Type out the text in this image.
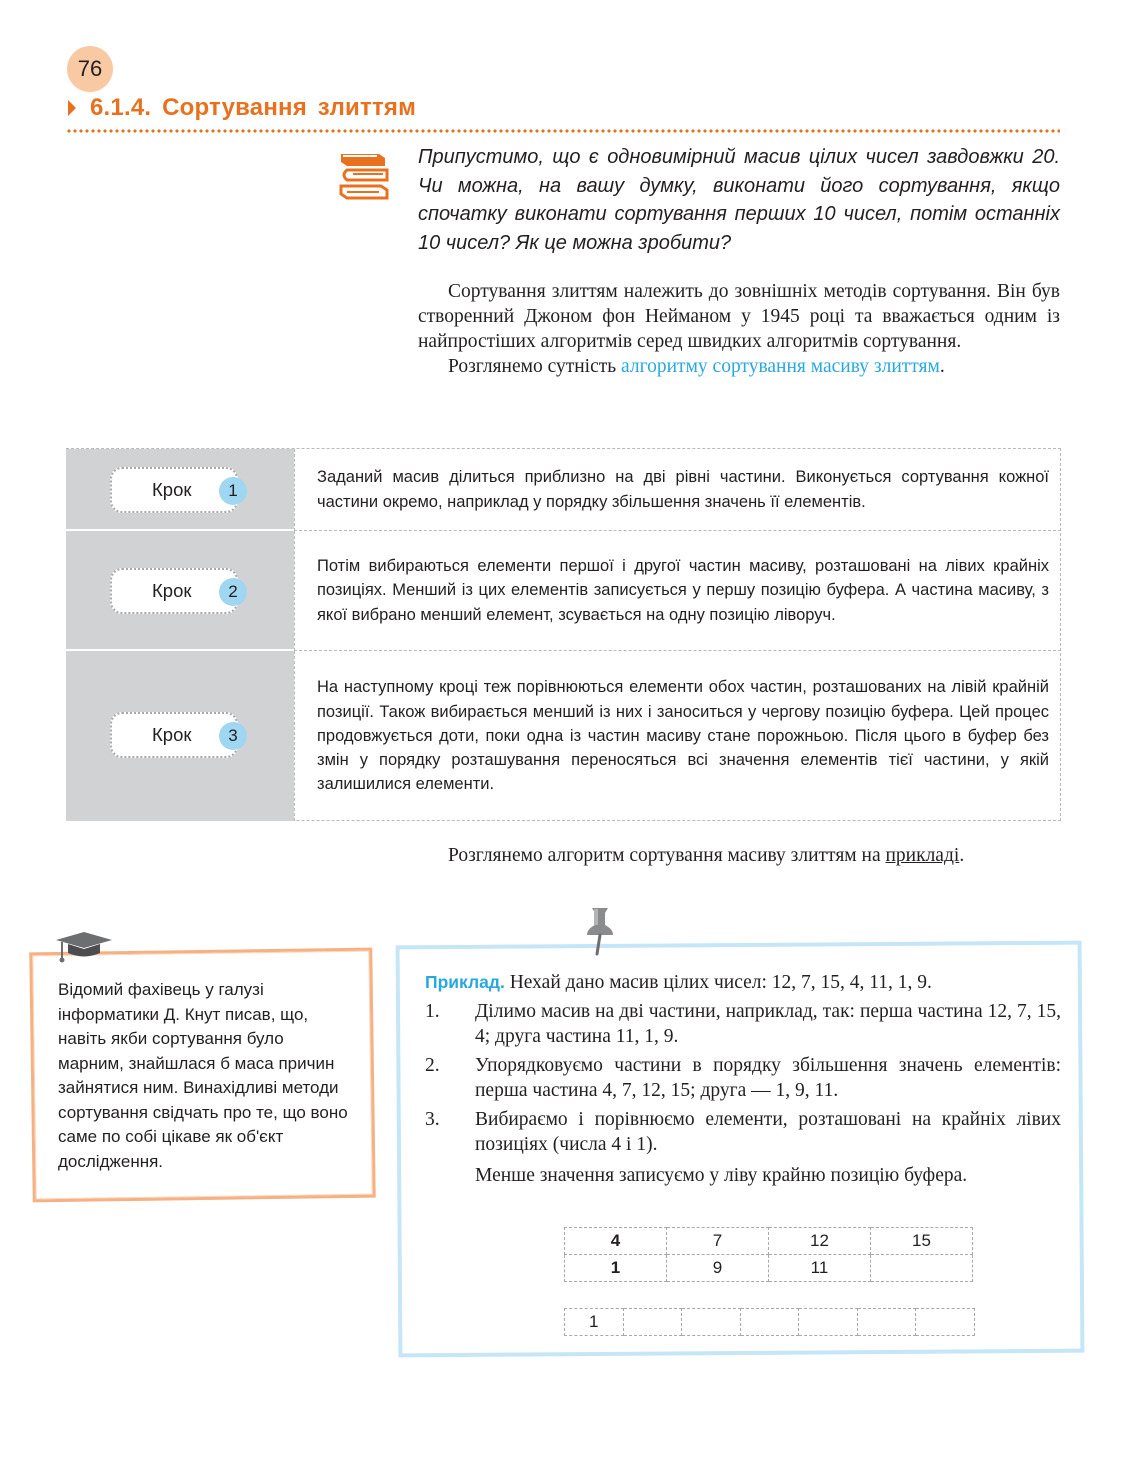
76
6.1.4. Сортування злиттям
Припустимо, що є одновимірний масив цілих чисел завдовжки 20. Чи можна, на вашу думку, виконати його сортування, якщо спочатку виконати сортування перших 10 чисел, потім останніх 10 чисел? Як це можна зробити?

Сортування злиттям належить до зовнішніх методів сортування. Він був створенний Джоном фон Нейманом у 1945 році та вважається одним із найпростіших алгоритмів серед швидких алгоритмів сортування.

Розглянемо сутність алгоритму сортування масиву злиттям.

Крок	1
Заданий масив ділиться приблизно на дві рівні частини. Виконується сортування кожної частини окремо, наприклад у порядку збільшення значень її елементів.
Крок	2
Потім вибираються елементи першої і другої частин масиву, розташовані на лівих крайніх позиціях. Менший із цих елементів записується у першу позицію буфера. А частина масиву, з якої вибрано менший елемент, зсувається на одну позицію ліворуч.
Крок	3
На наступному кроці теж порівнюються елементи обох частин, розташованих на лівій крайній позиції. Також вибирається менший із них і заноситься у чергову позицію буфера. Цей процес продовжується доти, поки одна із частин масиву стане порожньою. Після цього в буфер без змін у порядку розташування переносяться всі значення елементів тієї частини, у якій залишилися елементи.

Розглянемо алгоритм сортування масиву злиттям на прикладі.

Відомий фахівець у галузі інформатики Д. Кнут писав, що, навіть якби сортування було марним, знайшлася б маса причин зайнятися ним. Винахідливі методи сортування свідчать про те, що воно саме по собі цікаве як об'єкт дослідження.
Приклад. Нехай дано масив цілих чисел: 12, 7, 15, 4, 11, 1, 9.
1.	Ділимо масив на дві частини, наприклад, так: перша частина 12, 7, 15, 4; друга частина 11, 1, 9.
2.	Упорядковуємо частини в порядку збільшення значень елементів: перша частина 4, 7, 12, 15; друга — 1, 9, 11.
3.	Вибираємо і порівнюємо елементи, розташовані на крайніх лівих позиціях (числа 4 і 1).
Менше значення записуємо у ліву крайню позицію буфера.
4	7	12	15
1	9	11	
1						
